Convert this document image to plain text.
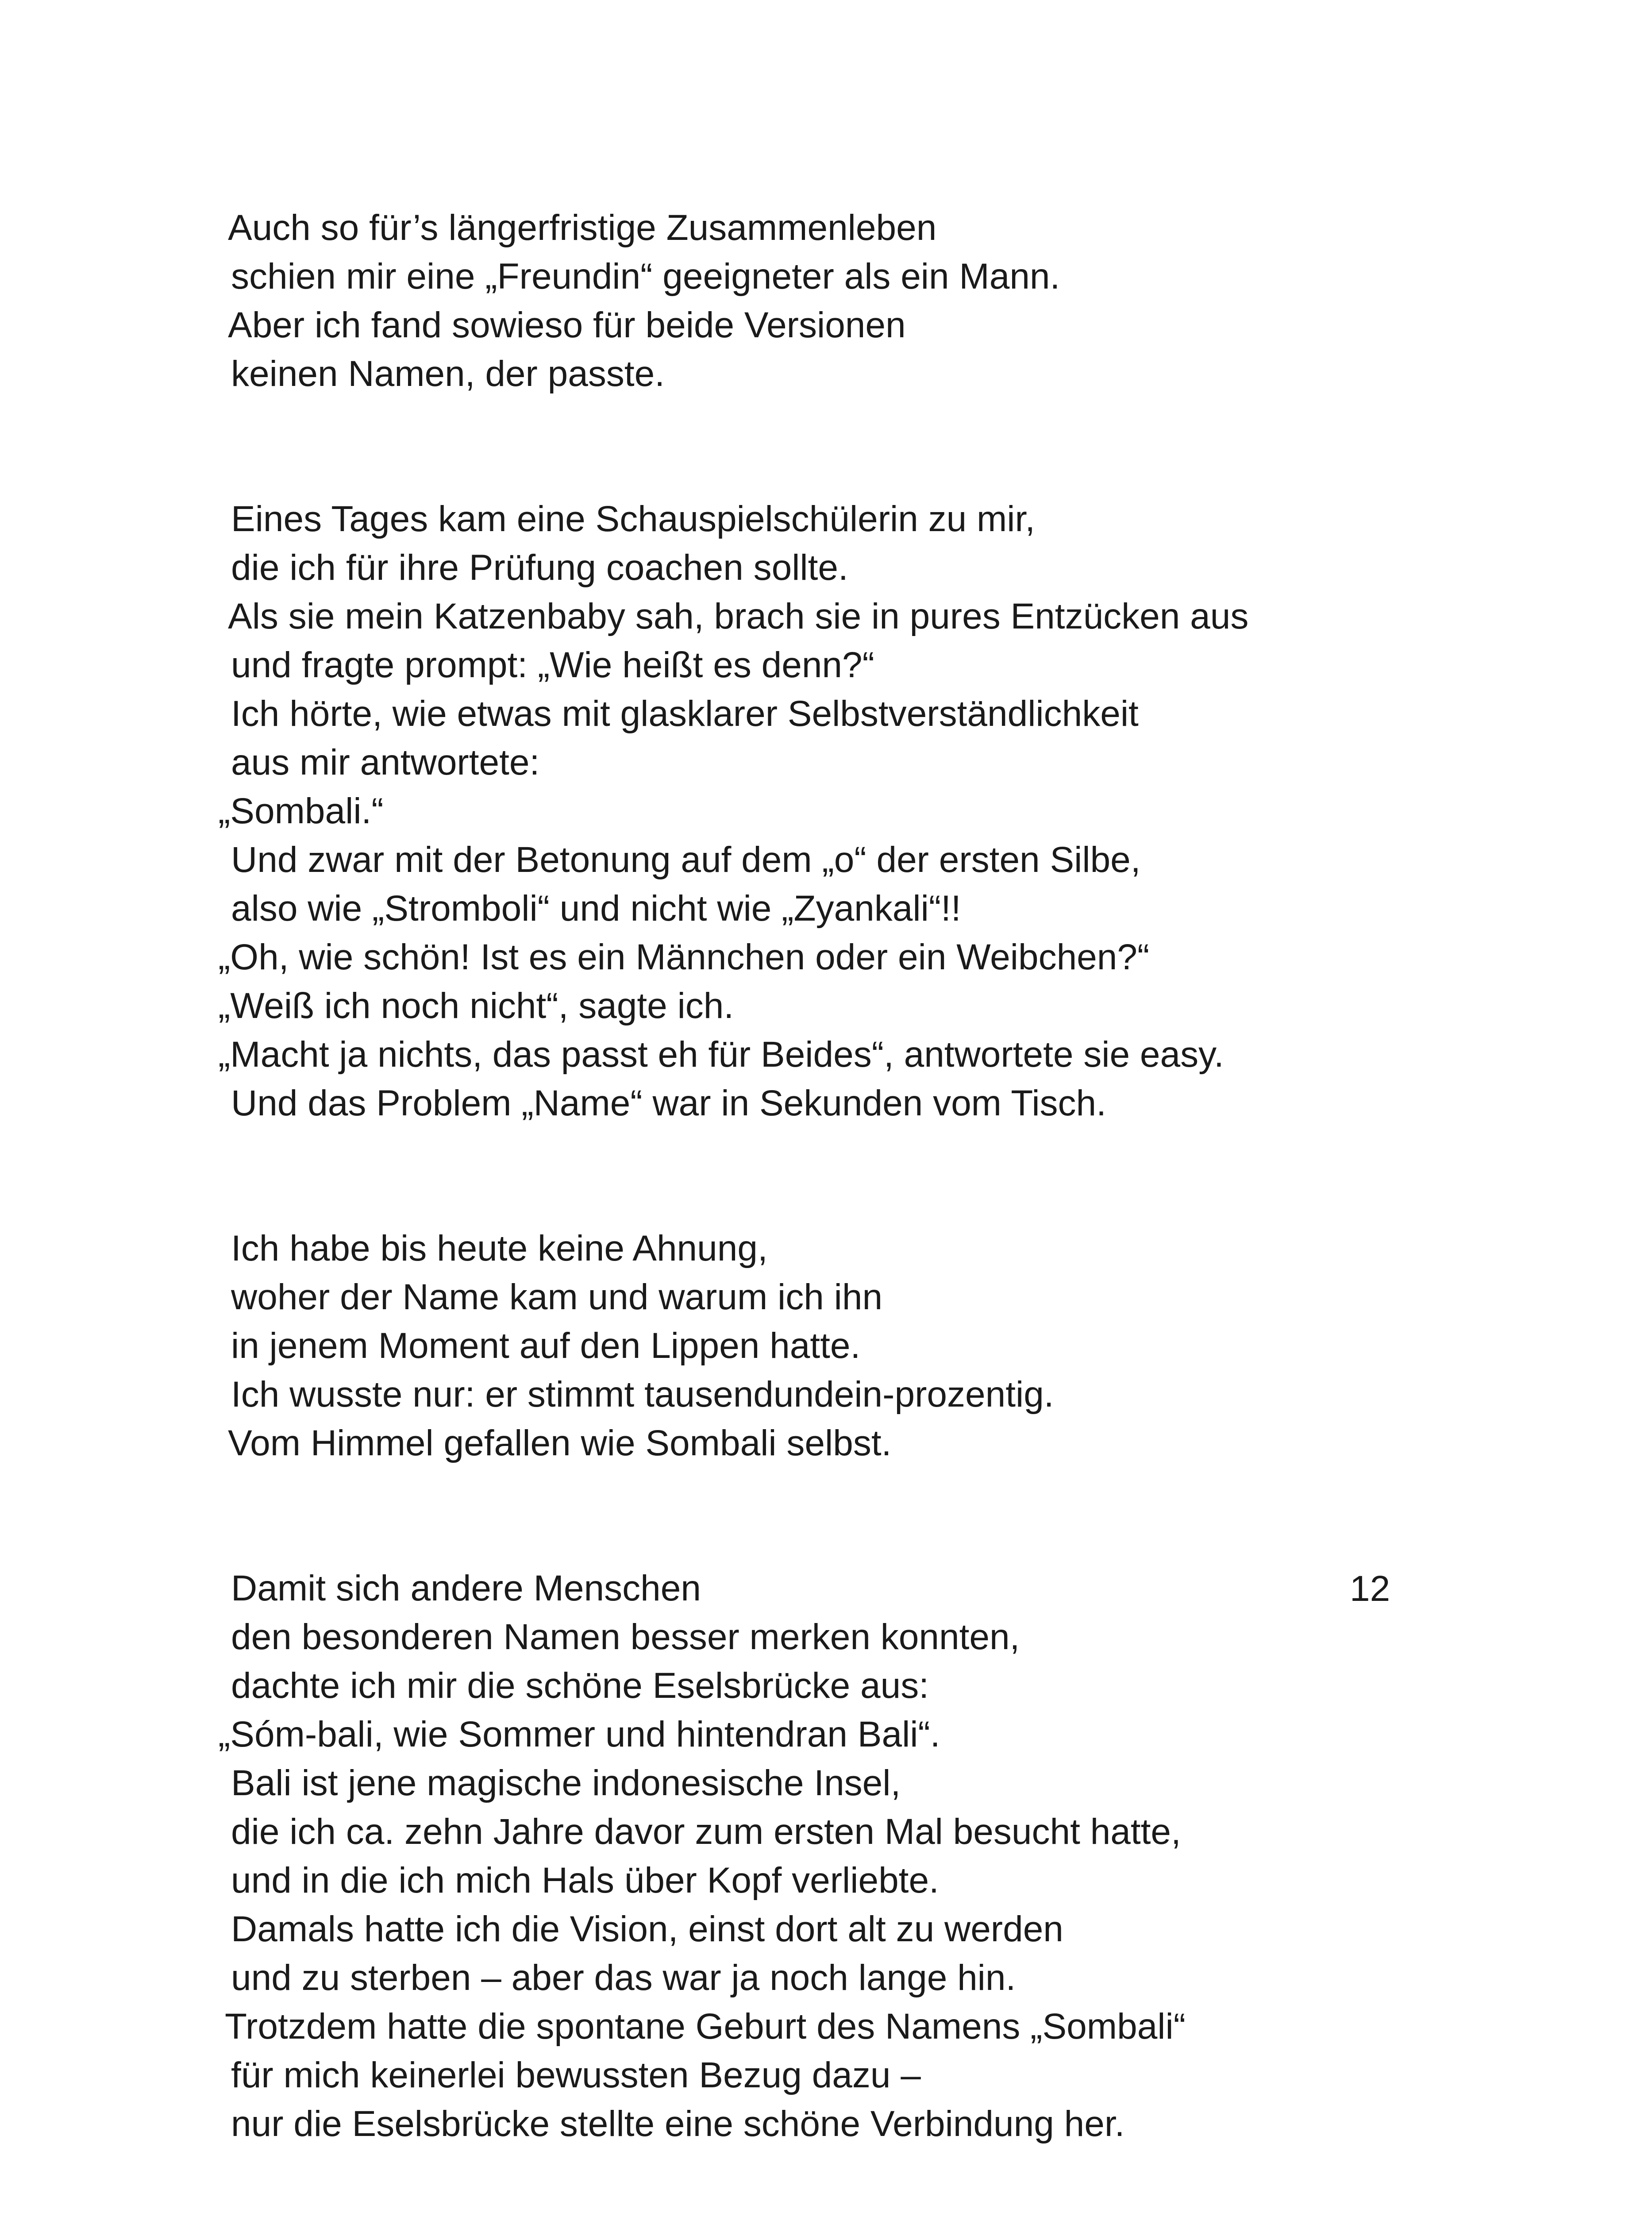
Auch so für’s längerfristige Zusammenleben
schien mir eine „Freundin“ geeigneter als ein Mann.
Aber ich fand sowieso für beide Versionen
keinen Namen, der passte.
Eines Tages kam eine Schauspielschülerin zu mir,
die ich für ihre Prüfung coachen sollte.
Als sie mein Katzenbaby sah, brach sie in pures Entzücken aus
und fragte prompt: „Wie heißt es denn?“
Ich hörte, wie etwas mit glasklarer Selbstverständlichkeit
aus mir antwortete:
„Sombali.“
Und zwar mit der Betonung auf dem „o“ der ersten Silbe,
also wie „Stromboli“ und nicht wie „Zyankali“!!
„Oh, wie schön! Ist es ein Männchen oder ein Weibchen?“
„Weiß ich noch nicht“, sagte ich.
„Macht ja nichts, das passt eh für Beides“, antwortete sie easy.
Und das Problem „Name“ war in Sekunden vom Tisch.
Ich habe bis heute keine Ahnung,
woher der Name kam und warum ich ihn
in jenem Moment auf den Lippen hatte.
Ich wusste nur: er stimmt tausendundein-prozentig.
Vom Himmel gefallen wie Sombali selbst.
Damit sich andere Menschen
den besonderen Namen besser merken konnten,
dachte ich mir die schöne Eselsbrücke aus:
„Sóm-bali, wie Sommer und hintendran Bali“.
Bali ist jene magische indonesische Insel,
die ich ca. zehn Jahre davor zum ersten Mal besucht hatte,
und in die ich mich Hals über Kopf verliebte.
Damals hatte ich die Vision, einst dort alt zu werden
und zu sterben – aber das war ja noch lange hin.
Trotzdem hatte die spontane Geburt des Namens „Sombali“
für mich keinerlei bewussten Bezug dazu –
nur die Eselsbrücke stellte eine schöne Verbindung her.
12
